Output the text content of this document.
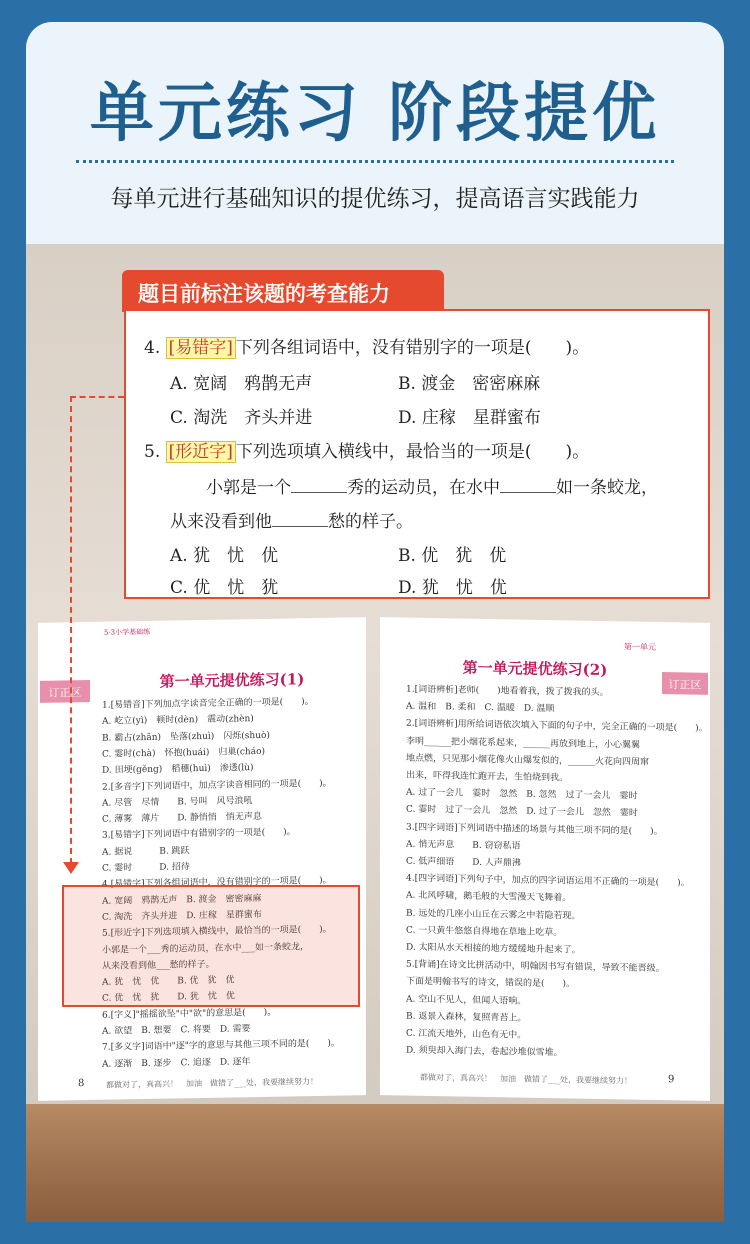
单元练习 阶段提优
每单元进行基础知识的提优练习，提高语言实践能力
5·3小学基础练
订正区
第一单元提优练习(1)
1.[易错音]下列加点字读音完全正确的一项是(　　)。
A. 屹立(yì)　顿时(dèn)　震动(zhèn)
B. 霸占(zhān)　坠落(zhuì)　闪烁(shuò)
C. 霎时(chà)　怀抱(huái)　归巢(cháo)
D. 田埂(gěng)　稻穗(huì)　渗透(lù)
2.[多音字]下列词语中，加点字读音相同的一项是(　　)。
A. 尽管　尽情　　B. 号叫　风号浪吼
C. 薄雾　薄片　　D. 静悄悄　悄无声息
3.[易错字]下列词语中有错别字的一项是(　　)。
A. 据说　　　B. 跳跃
C. 霎时　　　D. 招待
4.[易错字]下列各组词语中，没有错别字的一项是(　　)。
A. 宽阔　鸦鹊无声　B. 渡金　密密麻麻
C. 淘洗　齐头并进　D. 庄稼　星群蜜布
5.[形近字]下列选项填入横线中，最恰当的一项是(　　)。
小郭是一个___秀的运动员，在水中___如一条蛟龙，
从来没看到他___愁的样子。
A. 犹　忧　优　　B. 优　犹　优
C. 优　忧　犹　　D. 犹　忧　优
6.[字义]"摇摇欲坠"中"欲"的意思是(　　)。
A. 欲望　B. 想要　C. 将要　D. 需要
7.[多义字]词语中"逐"字的意思与其他三项不同的是(　　)。
A. 逐渐　B. 逐步　C. 追逐　D. 逐年
都做对了，真高兴！　加油　做错了___处，我要继续努力！
8
第一单元
订正区
第一单元提优练习(2)
1.[词语辨析]老师(　　)地看着我，拨了拨我的头。
A. 温和　B. 柔和　C. 温暖　D. 温顺
2.[词语辨析]用所给词语依次填入下面的句子中，完全正确的一项是(　　)。
李明______把小烟花系起来，______再放到地上，小心翼翼
地点燃，只见那小烟花像火山爆发似的，______火花向四周窜
出来，吓得我连忙跑开去，生怕烧到我。
A. 过了一会儿　霎时　忽然　B. 忽然　过了一会儿　霎时
C. 霎时　过了一会儿　忽然　D. 过了一会儿　忽然　霎时
3.[四字词语]下列词语中描述的场景与其他三项不同的是(　　)。
A. 悄无声息　　B. 窃窃私语
C. 低声细语　　D. 人声鼎沸
4.[四字词语]下列句子中，加点的四字词语运用不正确的一项是(　　)。
A. 北风呼啸，鹅毛般的大雪漫天飞舞着。
B. 远处的几座小山丘在云雾之中若隐若现。
C. 一只黄牛悠悠自得地在草地上吃草。
D. 太阳从水天相接的地方缓缓地升起来了。
5.[背诵]在诗文比拼活动中，明翰因书写有错误，导致不能晋级。
下面是明翰书写的诗文，错误的是(　　)。
A. 空山不见人，但闻人语响。
B. 返景入森林，复照青苔上。
C. 江流天地外，山色有无中。
D. 须臾却入海门去，卷起沙堆似雪堆。
都做对了，真高兴！　加油　做错了___处，我要继续努力！	9
题目前标注该题的考查能力
4. [易错字] 下列各组词语中，没有错别字的一项是(　　)。
A. 宽阔　鸦鹊无声	B. 渡金　密密麻麻
C. 淘洗　齐头并进	D. 庄稼　星群蜜布
5. [形近字] 下列选项填入横线中，最恰当的一项是(　　)。
小郭是一个	秀的运动员，在水中	如一条蛟龙，
从来没看到他	愁的样子。
A. 犹　忧　优	B. 优　犹　优
C. 优　忧　犹	D. 犹　忧　优
